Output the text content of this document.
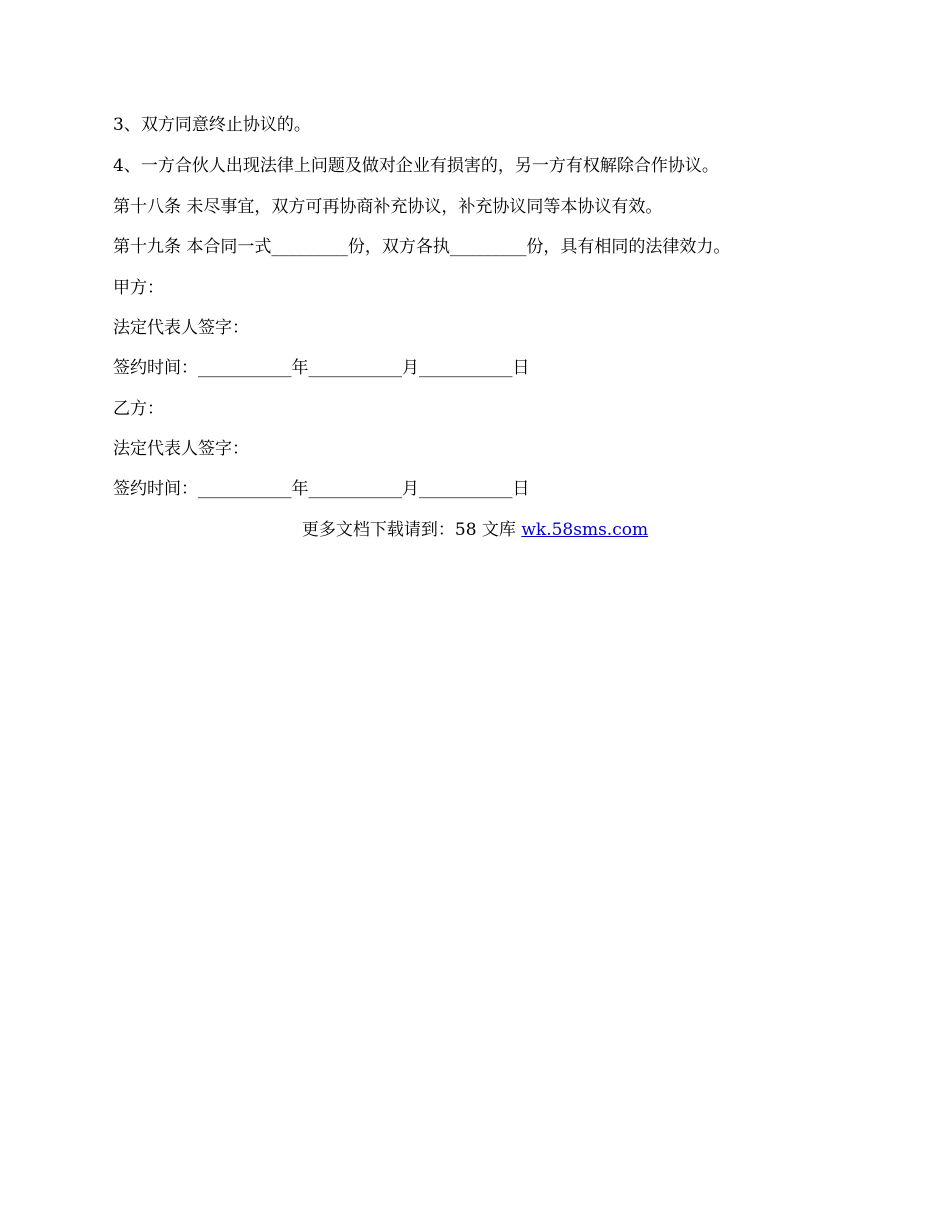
3、双方同意终止协议的。
4、一方合伙人出现法律上问题及做对企业有损害的，另一方有权解除合作协议。
第十八条 未尽事宜，双方可再协商补充协议，补充协议同等本协议有效。
第十九条 本合同一式_________份，双方各执_________份，具有相同的法律效力。
甲方：
法定代表人签字：
签约时间：___________年___________月___________日
乙方：
法定代表人签字：
签约时间：___________年___________月___________日
更多文档下载请到：58 文库 wk.58sms.com
